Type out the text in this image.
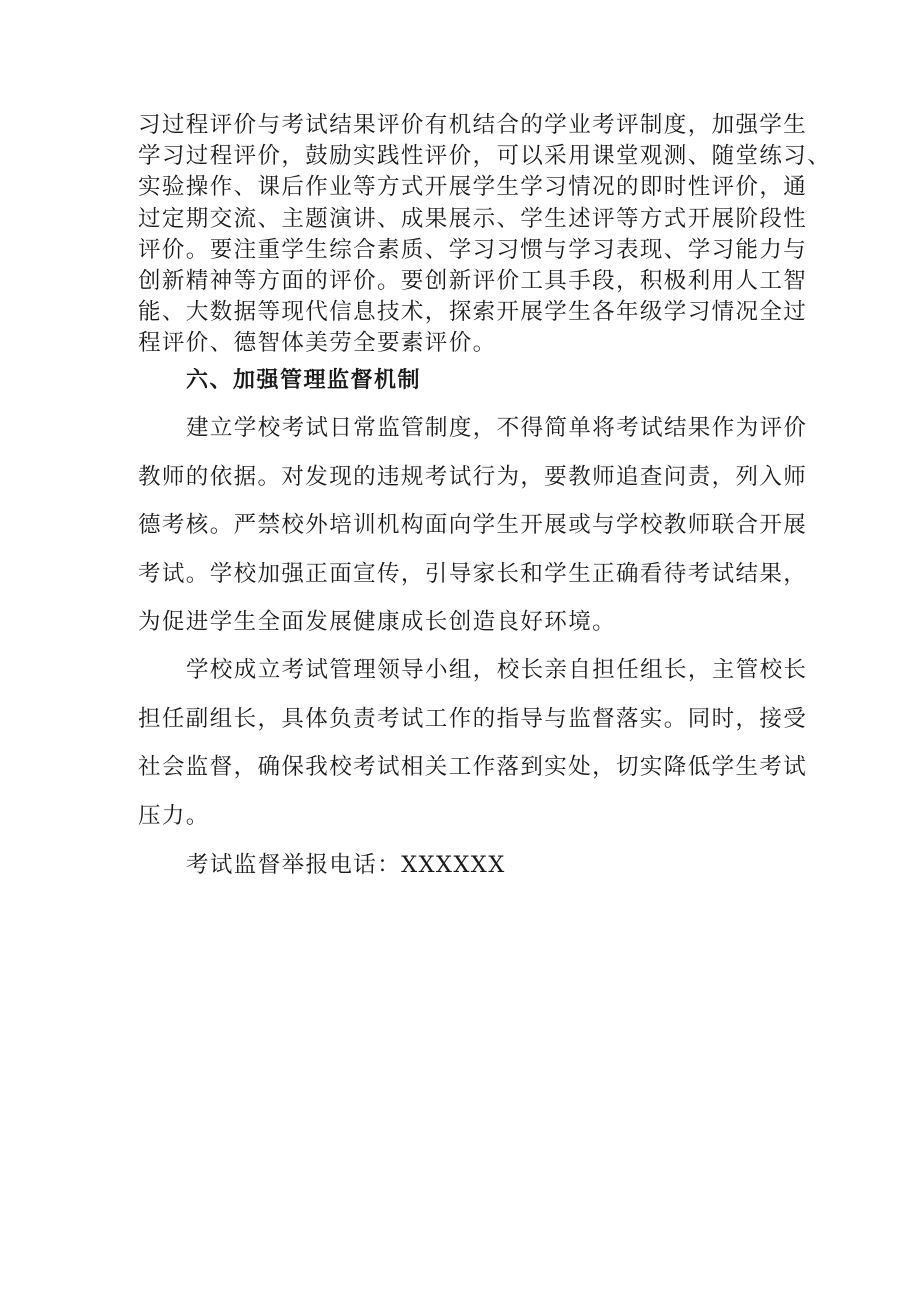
习过程评价与考试结果评价有机结合的学业考评制度，加强学生
学习过程评价，鼓励实践性评价，可以采用课堂观测、随堂练习、
实验操作、课后作业等方式开展学生学习情况的即时性评价，通
过定期交流、主题演讲、成果展示、学生述评等方式开展阶段性
评价。要注重学生综合素质、学习习惯与学习表现、学习能力与
创新精神等方面的评价。要创新评价工具手段，积极利用人工智
能、大数据等现代信息技术，探索开展学生各年级学习情况全过
程评价、德智体美劳全要素评价。
六、加强管理监督机制
建立学校考试日常监管制度，不得简单将考试结果作为评价
教师的依据。对发现的违规考试行为，要教师追查问责，列入师
德考核。严禁校外培训机构面向学生开展或与学校教师联合开展
考试。学校加强正面宣传，引导家长和学生正确看待考试结果，
为促进学生全面发展健康成长创造良好环境。
学校成立考试管理领导小组，校长亲自担任组长，主管校长
担任副组长，具体负责考试工作的指导与监督落实。同时，接受
社会监督，确保我校考试相关工作落到实处，切实降低学生考试
压力。
考试监督举报电话：XXXXXX
